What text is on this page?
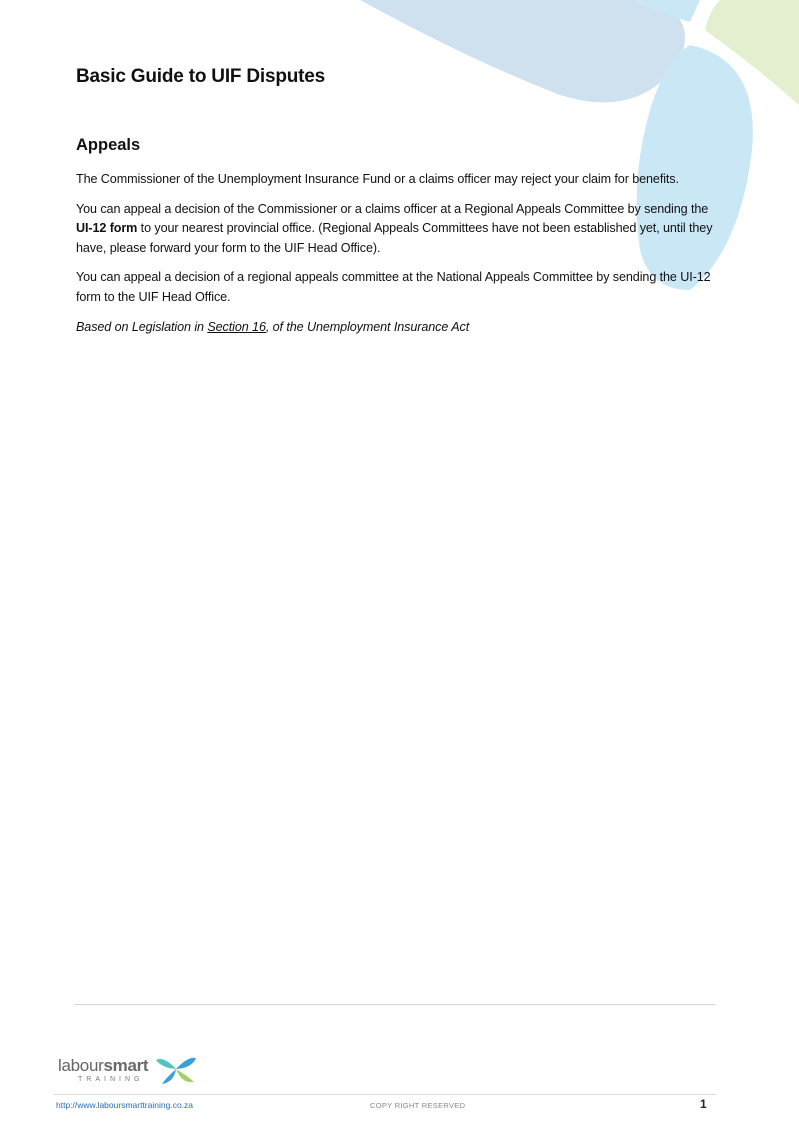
Basic Guide to UIF Disputes
Appeals

The Commissioner of the Unemployment Insurance Fund or a claims officer may reject your claim for benefits.

You can appeal a decision of the Commissioner or a claims officer at a Regional Appeals Committee by sending the UI-12 form to your nearest provincial office. (Regional Appeals Committees have not been established yet, until they have, please forward your form to the UIF Head Office).

You can appeal a decision of a regional appeals committee at the National Appeals Committee by sending the UI-12 form to the UIF Head Office.

Based on Legislation in Section 16, of the Unemployment Insurance Act

laboursmart
TRAINING
http://www.laboursmarttraining.co.za	COPY RIGHT RESERVED	1
